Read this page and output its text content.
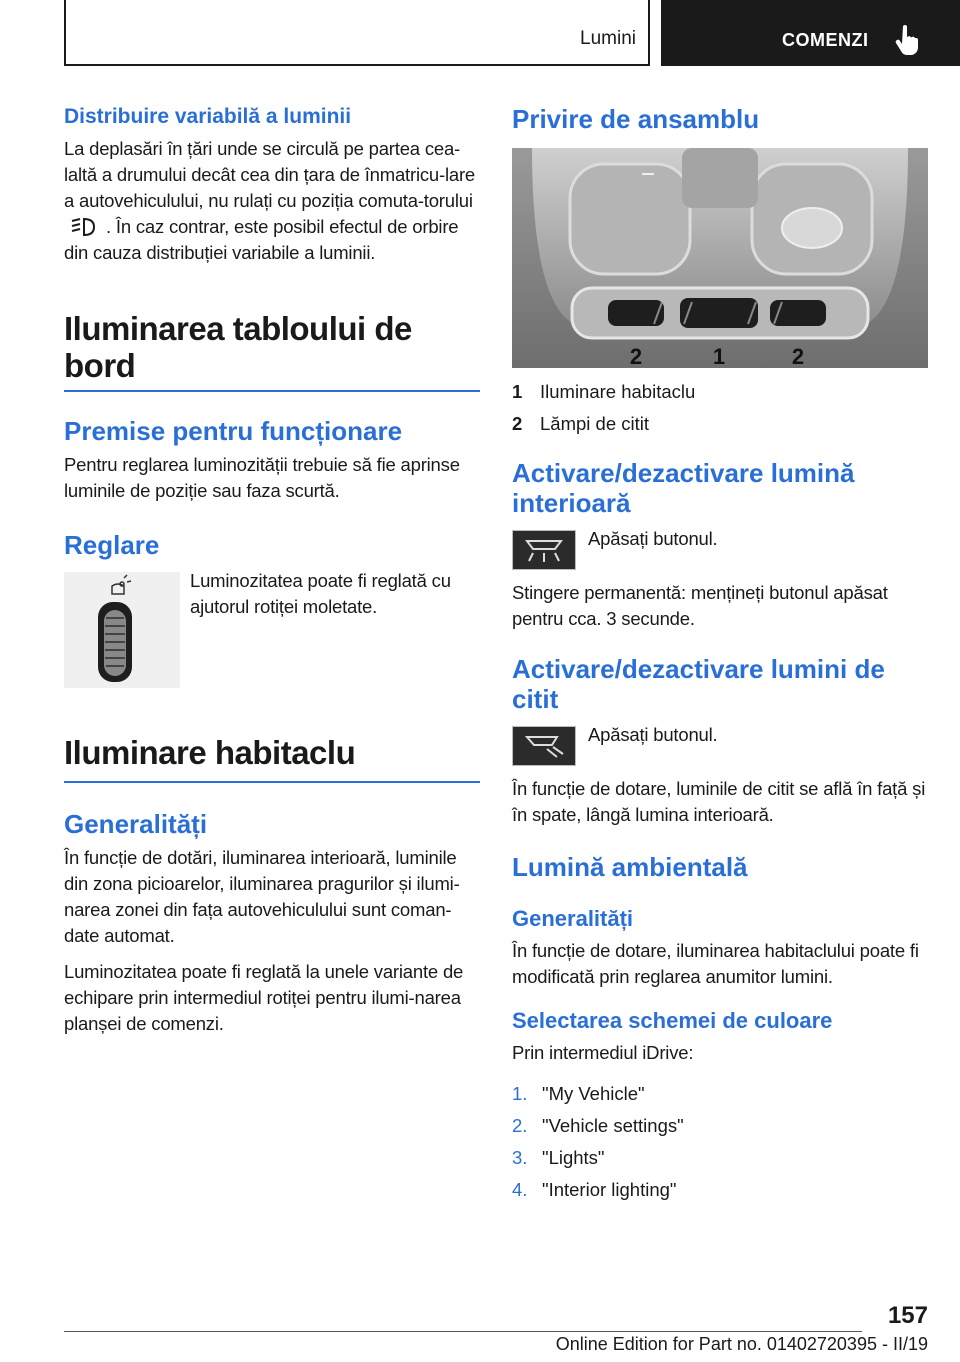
Lumini	COMENZI
Distribuire variabilă a luminii
La deplasări în țări unde se circulă pe partea cea-laltă a drumului decât cea din țara de înmatricu-lare a autovehiculului, nu rulați cu poziția comuta-torului. În caz contrar, este posibil efectul de orbire din cauza distribuției variabile a luminii.
Iluminarea tabloului de bord
Premise pentru funcționare
Pentru reglarea luminozității trebuie să fie aprinse luminile de poziție sau faza scurtă.
Reglare
Luminozitatea poate fi reglată cu ajutorul rotiței moletate.
Iluminare habitaclu
Generalități
În funcție de dotări, iluminarea interioară, luminile din zona picioarelor, iluminarea pragurilor și ilumi-narea zonei din fața autovehiculului sunt coman-date automat.
Luminozitatea poate fi reglată la unele variante de echipare prin intermediul rotiței pentru ilumi-narea planșei de comenzi.
Privire de ansamblu
2	1	2
1 Iluminare habitaclu
2 Lămpi de citit
Activare/dezactivare lumină interioară
Apăsați butonul.
Stingere permanentă: mențineți butonul apăsat pentru cca. 3 secunde.
Activare/dezactivare lumini de citit
Apăsați butonul.
În funcție de dotare, luminile de citit se află în față și în spate, lângă lumina interioară.
Lumină ambientală
Generalități
În funcție de dotare, iluminarea habitaclului poate fi modificată prin reglarea anumitor lumini.
Selectarea schemei de culoare
Prin intermediul iDrive:
1. "My Vehicle"
2. "Vehicle settings"
3. "Lights"
4. "Interior lighting"
157
Online Edition for Part no. 01402720395 - II/19
